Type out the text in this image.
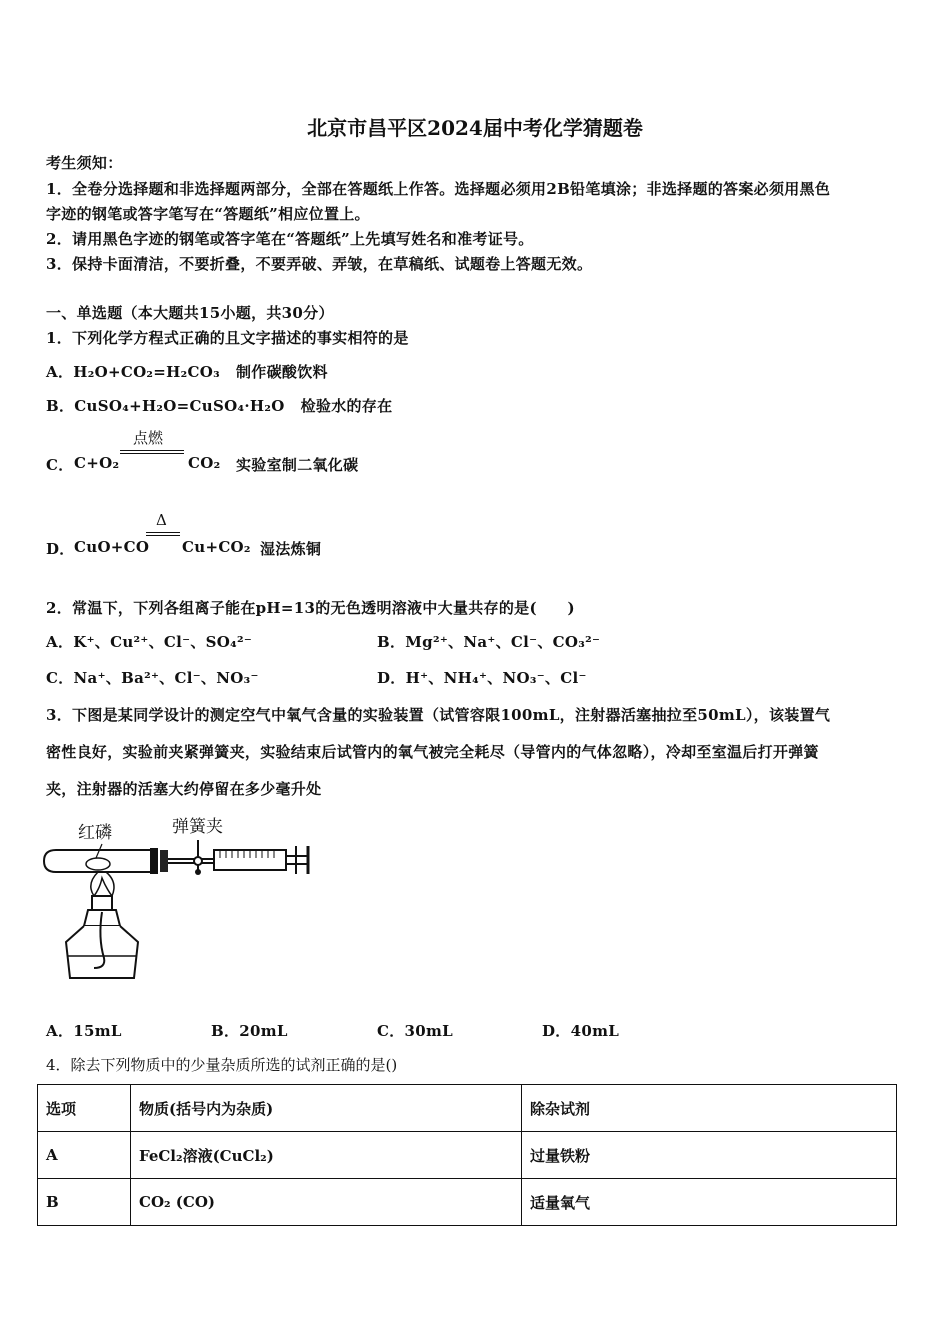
北京市昌平区2024届中考化学猜题卷
考生须知：
1．全卷分选择题和非选择题两部分，全部在答题纸上作答。选择题必须用2B铅笔填涂；非选择题的答案必须用黑色
字迹的钢笔或答字笔写在“答题纸”相应位置上。
2．请用黑色字迹的钢笔或答字笔在“答题纸”上先填写姓名和准考证号。
3．保持卡面清洁，不要折叠，不要弄破、弄皱，在草稿纸、试题卷上答题无效。
一、单选题（本大题共15小题，共30分）
1．下列化学方程式正确的且文字描述的事实相符的是
A．H₂O+CO₂=H₂CO₃ 制作碳酸饮料
B．CuSO₄+H₂O=CuSO₄·H₂O 检验水的存在
C． C+O₂
点燃
CO₂ 实验室制二氧化碳
D． CuO+CO
Δ
Cu+CO₂ 湿法炼铜
2．常温下，下列各组离子能在pH=13的无色透明溶液中大量共存的是(　　)
A．K⁺、Cu²⁺、Cl⁻、SO₄²⁻	B．Mg²⁺、Na⁺、Cl⁻、CO₃²⁻
C．Na⁺、Ba²⁺、Cl⁻、NO₃⁻	D．H⁺、NH₄⁺、NO₃⁻、Cl⁻
3．下图是某同学设计的测定空气中氧气含量的实验装置（试管容限100mL，注射器活塞抽拉至50mL），该装置气
密性良好，实验前夹紧弹簧夹，实验结束后试管内的氧气被完全耗尽（导管内的气体忽略），冷却至室温后打开弹簧
夹，注射器的活塞大约停留在多少毫升处
红磷	弹簧夹
A．15mL	B．20mL	C．30mL	D．40mL
4．除去下列物质中的少量杂质所选的试剂正确的是()
选项	物质(括号内为杂质)	除杂试剂
A	FeCl₂溶液(CuCl₂)	过量铁粉
B	CO₂ (CO)	适量氧气
